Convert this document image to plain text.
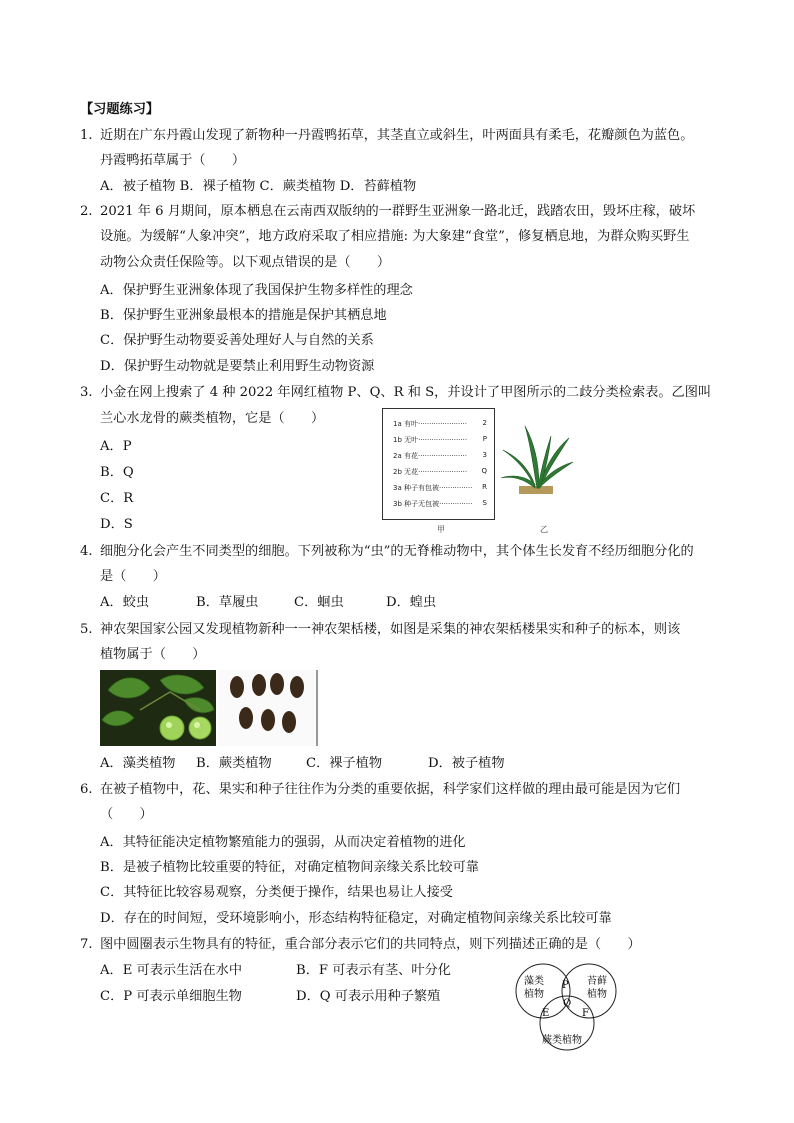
【习题练习】
1. 近期在广东丹霞山发现了新物种一丹霞鸭拓草，其茎直立或斜生，叶两面具有柔毛，花瓣颜色为蓝色。
丹霞鸭拓草属于（　　）
A．被子植物 B．裸子植物 C．蕨类植物 D．苔藓植物
2. 2021 年 6 月期间，原本栖息在云南西双版纳的一群野生亚洲象一路北迁，践踏农田，毁坏庄稼，破坏
设施。为缓解“人象冲突”，地方政府采取了相应措施: 为大象建“食堂”，修复栖息地，为群众购买野生
动物公众责任保险等。以下观点错误的是（　　）
A．保护野生亚洲象体现了我国保护生物多样性的理念
B．保护野生亚洲象最根本的措施是保护其栖息地
C．保护野生动物要妥善处理好人与自然的关系
D．保护野生动物就是要禁止利用野生动物资源
3. 小金在网上搜索了 4 种 2022 年网红植物 P、Q、R 和 S，并设计了甲图所示的二歧分类检索表。乙图叫
兰心水龙骨的蕨类植物，它是（　　）
A．P
B．Q
C．R
D．S
1a 有叶······················ 2
1b 无叶······················ P
2a 有花······················ 3
2b 无花······················ Q
3a 种子有包被··············· R
3b 种子无包被··············· S
甲	乙
4. 细胞分化会产生不同类型的细胞。下列被称为“虫”的无脊椎动物中，其个体生长发育不经历细胞分化的
是（　　）
A．蛟虫	B．草履虫	C．蛔虫	D．蝗虫
5. 神农架国家公园又发现植物新种一一神农架栝楼，如图是采集的神农架栝楼果实和种子的标本，则该
植物属于（　　）
A．藻类植物 B．蕨类植物	C．裸子植物	D．被子植物
6. 在被子植物中，花、果实和种子往往作为分类的重要依据，科学家们这样做的理由最可能是因为它们
（　　）
A．其特征能决定植物繁殖能力的强弱，从而决定着植物的进化
B．是被子植物比较重要的特征，对确定植物间亲缘关系比较可靠
C．其特征比较容易观察，分类便于操作，结果也易让人接受
D．存在的时间短，受环境影响小，形态结构特征稳定，对确定植物间亲缘关系比较可靠
7. 图中圆圈表示生物具有的特征，重合部分表示它们的共同特点，则下列描述正确的是（　　）
A．E 可表示生活在水中	B．F 可表示有茎、叶分化
C．P 可表示单细胞生物	D．Q 可表示用种子繁殖
藻类
植物
苔藓
植物
蕨类植物
P
E
Q
F
